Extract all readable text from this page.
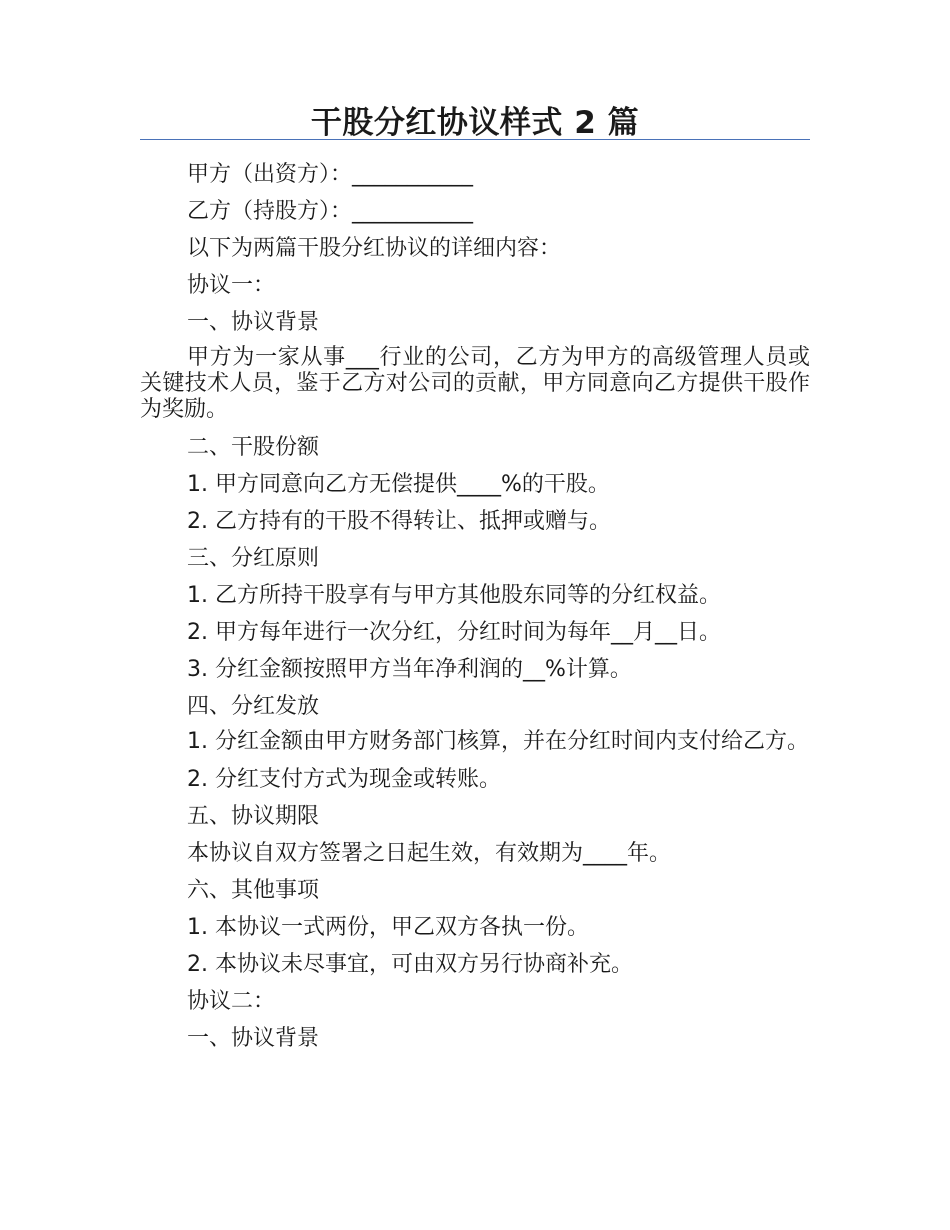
干股分红协议样式 2 篇

甲方（出资方）：___________

乙方（持股方）：___________

以下为两篇干股分红协议的详细内容：

协议一：

一、协议背景

甲方为一家从事___行业的公司，乙方为甲方的高级管理人员或关键技术人员，鉴于乙方对公司的贡献，甲方同意向乙方提供干股作为奖励。

二、干股份额

1. 甲方同意向乙方无偿提供____%的干股。

2. 乙方持有的干股不得转让、抵押或赠与。

三、分红原则

1. 乙方所持干股享有与甲方其他股东同等的分红权益。

2. 甲方每年进行一次分红，分红时间为每年__月__日。

3. 分红金额按照甲方当年净利润的__%计算。

四、分红发放

1. 分红金额由甲方财务部门核算，并在分红时间内支付给乙方。

2. 分红支付方式为现金或转账。

五、协议期限

本协议自双方签署之日起生效，有效期为____年。

六、其他事项

1. 本协议一式两份，甲乙双方各执一份。

2. 本协议未尽事宜，可由双方另行协商补充。

协议二：

一、协议背景
